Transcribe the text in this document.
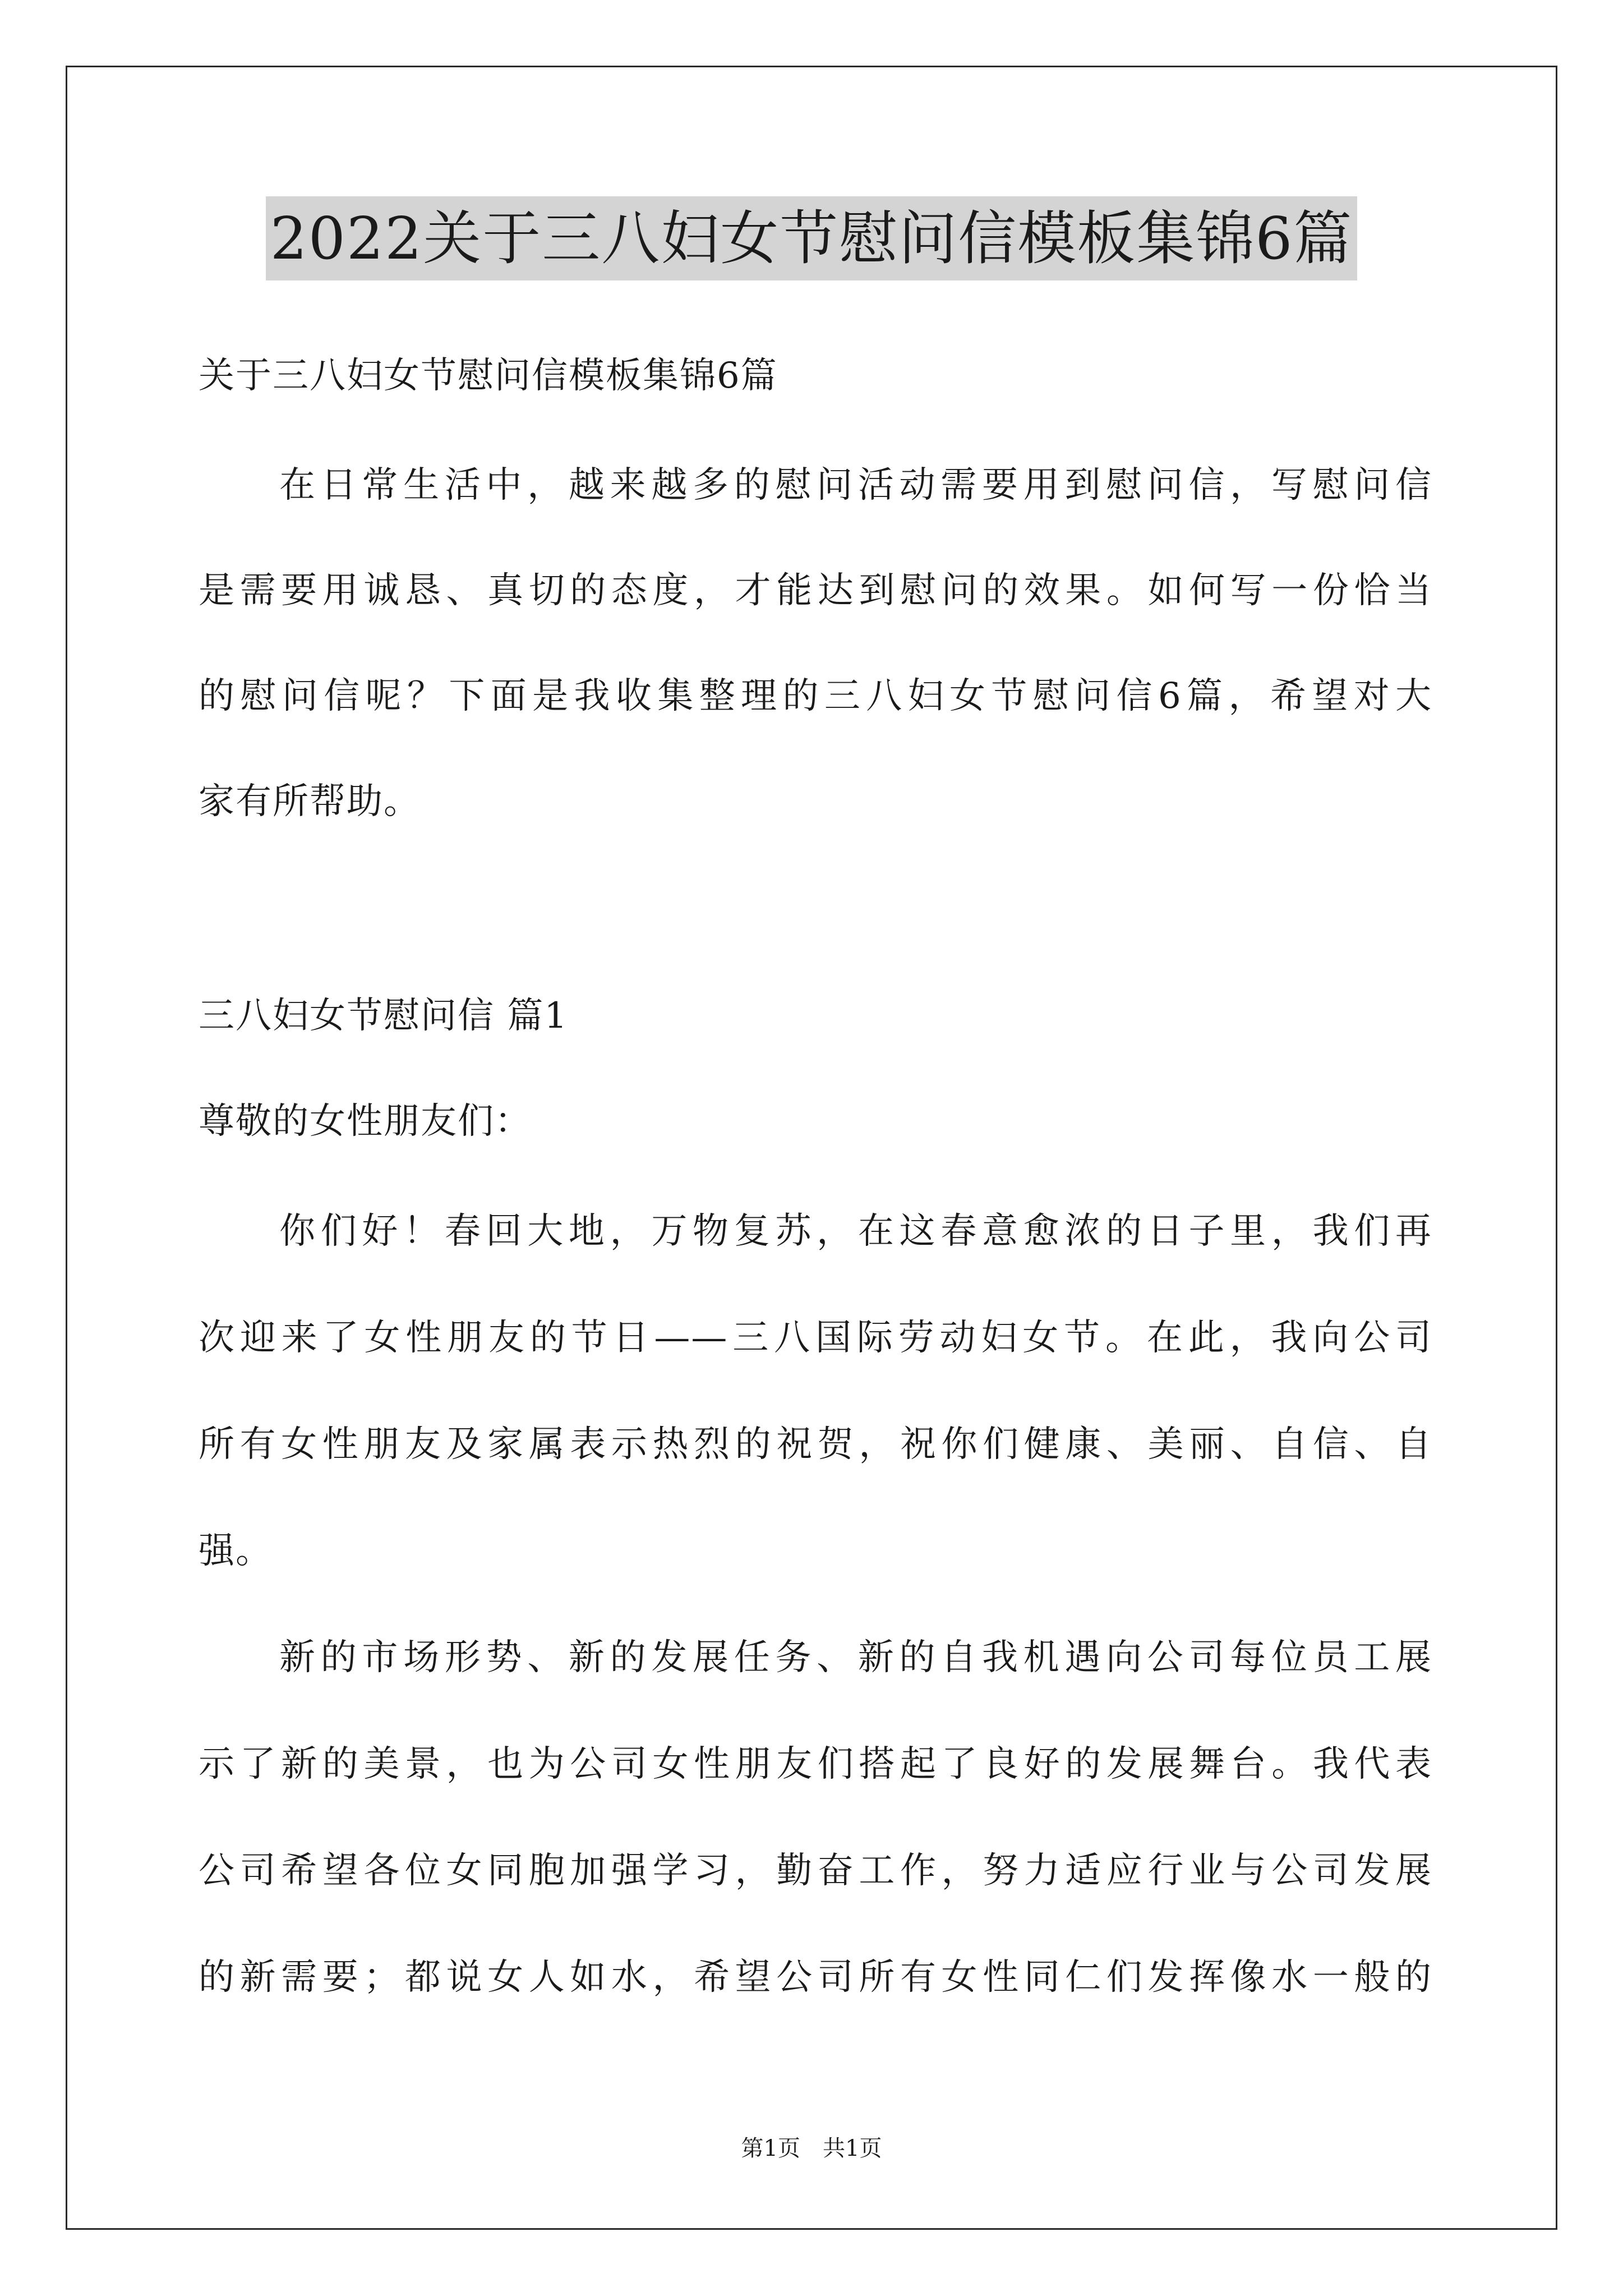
2022关于三八妇女节慰问信模板集锦6篇
关于三八妇女节慰问信模板集锦6篇
在日常生活中，越来越多的慰问活动需要用到慰问信，写慰问信
是需要用诚恳、真切的态度，才能达到慰问的效果。如何写一份恰当
的慰问信呢？下面是我收集整理的三八妇女节慰问信6篇，希望对大
家有所帮助。
三八妇女节慰问信 篇1
尊敬的女性朋友们：
你们好！春回大地，万物复苏，在这春意愈浓的日子里，我们再
次迎来了女性朋友的节日——三八国际劳动妇女节。在此，我向公司
所有女性朋友及家属表示热烈的祝贺，祝你们健康、美丽、自信、自
强。
新的市场形势、新的发展任务、新的自我机遇向公司每位员工展
示了新的美景，也为公司女性朋友们搭起了良好的发展舞台。我代表
公司希望各位女同胞加强学习，勤奋工作，努力适应行业与公司发展
的新需要；都说女人如水，希望公司所有女性同仁们发挥像水一般的
第1页　共1页
